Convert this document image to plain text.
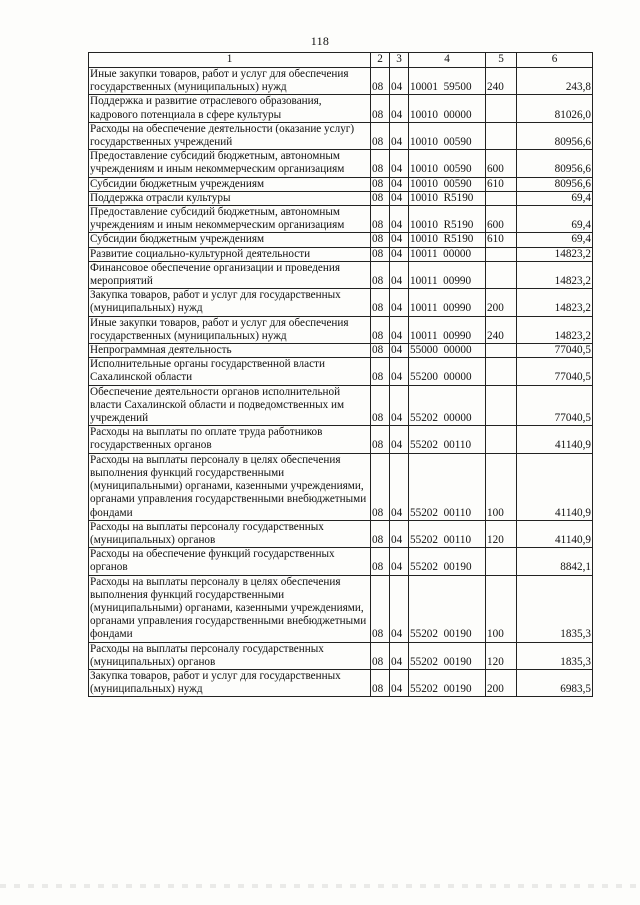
118
1	2	3	4	5	6
Иные закупки товаров, работ и услуг для обеспечения государственных (муниципальных) нужд	08	04	10001  59500	240	243,8
Поддержка и развитие отраслевого образования, кадрового потенциала в сфере культуры	08	04	10010  00000		81026,0
Расходы на обеспечение деятельности (оказание услуг) государственных учреждений	08	04	10010  00590		80956,6
Предоставление субсидий бюджетным, автономным учреждениям и иным некоммерческим организациям	08	04	10010  00590	600	80956,6
Субсидии бюджетным учреждениям	08	04	10010  00590	610	80956,6
Поддержка отрасли культуры	08	04	10010  R5190		69,4
Предоставление субсидий бюджетным, автономным учреждениям и иным некоммерческим организациям	08	04	10010  R5190	600	69,4
Субсидии бюджетным учреждениям	08	04	10010  R5190	610	69,4
Развитие социально-культурной деятельности	08	04	10011  00000		14823,2
Финансовое обеспечение организации и проведения мероприятий	08	04	10011  00990		14823,2
Закупка товаров, работ и услуг для государственных (муниципальных) нужд	08	04	10011  00990	200	14823,2
Иные закупки товаров, работ и услуг для обеспечения государственных (муниципальных) нужд	08	04	10011  00990	240	14823,2
Непрограммная деятельность	08	04	55000  00000		77040,5
Исполнительные органы государственной власти Сахалинской области	08	04	55200  00000		77040,5
Обеспечение деятельности органов исполнительной власти Сахалинской области и подведомственных им учреждений	08	04	55202  00000		77040,5
Расходы на выплаты по оплате труда работников государственных органов	08	04	55202  00110		41140,9
Расходы на выплаты персоналу в целях обеспечения выполнения функций государственными (муниципальными) органами, казенными учреждениями, органами управления государственными внебюджетными фондами	08	04	55202  00110	100	41140,9
Расходы на выплаты персоналу государственных (муниципальных) органов	08	04	55202  00110	120	41140,9
Расходы на обеспечение функций государственных органов	08	04	55202  00190		8842,1
Расходы на выплаты персоналу в целях обеспечения выполнения функций государственными (муниципальными) органами, казенными учреждениями, органами управления государственными внебюджетными фондами	08	04	55202  00190	100	1835,3
Расходы на выплаты персоналу государственных (муниципальных) органов	08	04	55202  00190	120	1835,3
Закупка товаров, работ и услуг для государственных (муниципальных) нужд	08	04	55202  00190	200	6983,5
